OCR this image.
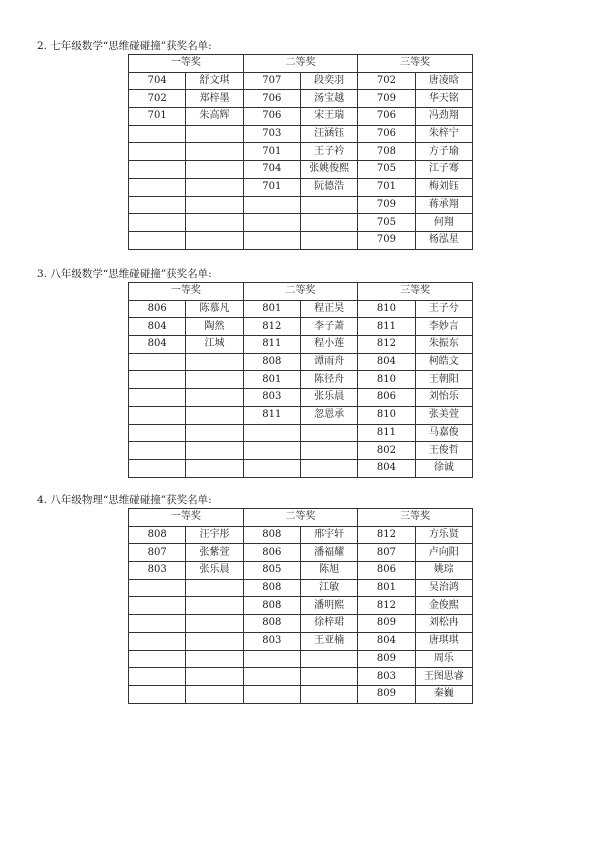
2. 七年级数学“思维碰碰撞”获奖名单:
一等奖		二等奖		三等奖	
704	舒文琪	707	段奕羽	702	唐凌晗
702	郑梓墨	706	汤宝越	709	华天铭
701	朱高辉	706	宋王瑞	706	冯劲翔
		703	汪涵钰	706	朱梓宁
		701	王子衿	708	方子瑜
		704	张姚俊熙	705	江子骞
		701	阮德浩	701	梅刘钰
				709	蒋承翔
				705	何翔
				709	杨泓星
3. 八年级数学“思维碰碰撞”获奖名单:
一等奖		二等奖		三等奖	
806	陈慕凡	801	程正昊	810	王子兮
804	陶然	812	李子萧	811	李妙言
804	江城	811	程小莲	812	朱振东
		808	谭雨舟	804	柯皓文
		801	陈径舟	810	王朝阳
		803	张乐晨	806	刘怡乐
		811	忽恩承	810	张美萱
				811	马嘉俊
				802	王俊哲
				804	徐诚
4. 八年级物理“思维碰碰撞”获奖名单:
一等奖		二等奖		三等奖	
808	汪宇彤	808	邢宇轩	812	方乐贤
807	张紫萱	806	潘福耀	807	卢向阳
803	张乐晨	805	陈旭	806	姚琮
		808	江敏	801	吴治鸿
		808	潘明熙	812	金俊熙
		808	徐梓珺	809	刘松冉
		803	王亚楠	804	唐琪琪
				809	周乐
				803	王图思睿
				809	秦巍
